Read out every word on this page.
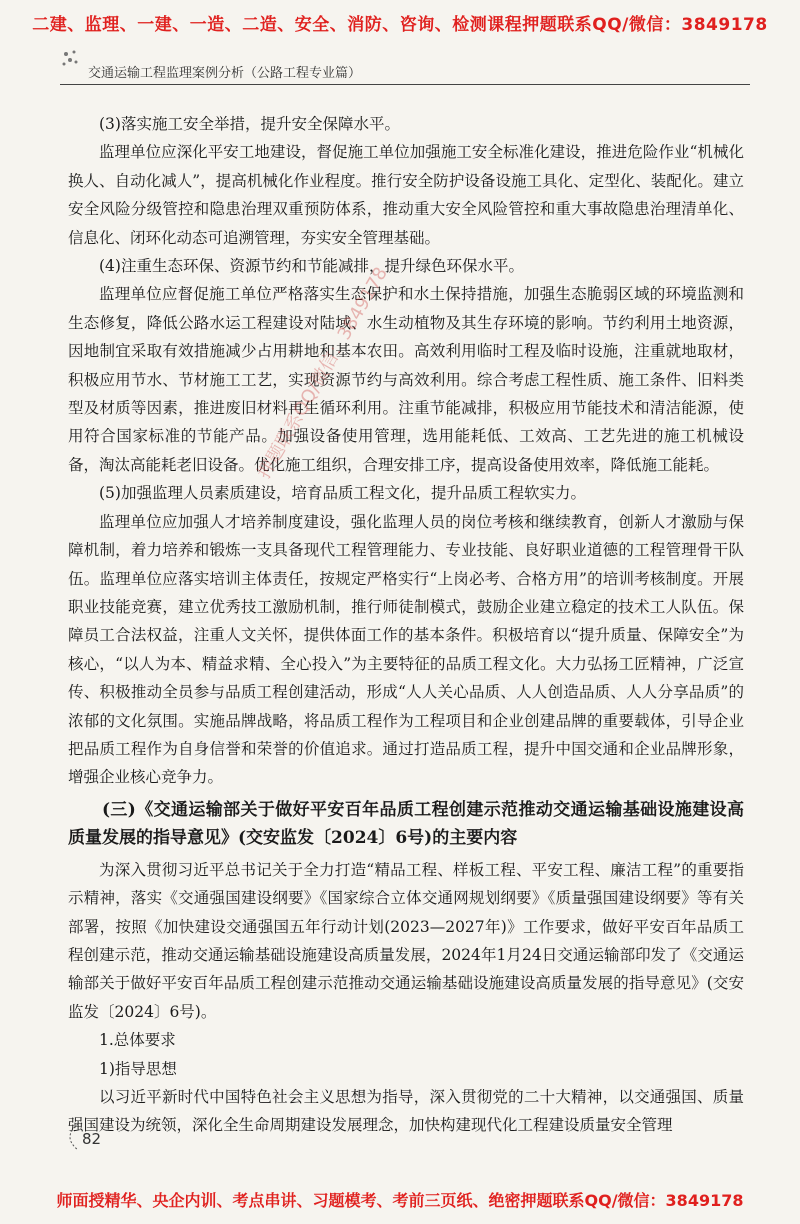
交通运输工程监理案例分析（公路工程专业篇）

(3)落实施工安全举措，提升安全保障水平。

监理单位应深化平安工地建设，督促施工单位加强施工安全标准化建设，推进危险作业“机械化换人、自动化减人”，提高机械化作业程度。推行安全防护设备设施工具化、定型化、装配化。建立安全风险分级管控和隐患治理双重预防体系，推动重大安全风险管控和重大事故隐患治理清单化、信息化、闭环化动态可追溯管理，夯实安全管理基础。

(4)注重生态环保、资源节约和节能减排，提升绿色环保水平。

监理单位应督促施工单位严格落实生态保护和水土保持措施，加强生态脆弱区域的环境监测和生态修复，降低公路水运工程建设对陆域、水生动植物及其生存环境的影响。节约利用土地资源，因地制宜采取有效措施减少占用耕地和基本农田。高效利用临时工程及临时设施，注重就地取材，积极应用节水、节材施工工艺，实现资源节约与高效利用。综合考虑工程性质、施工条件、旧料类型及材质等因素，推进废旧材料再生循环利用。注重节能减排，积极应用节能技术和清洁能源，使用符合国家标准的节能产品。加强设备使用管理，选用能耗低、工效高、工艺先进的施工机械设备，淘汰高能耗老旧设备。优化施工组织，合理安排工序，提高设备使用效率，降低施工能耗。

(5)加强监理人员素质建设，培育品质工程文化，提升品质工程软实力。

监理单位应加强人才培养制度建设，强化监理人员的岗位考核和继续教育，创新人才激励与保障机制，着力培养和锻炼一支具备现代工程管理能力、专业技能、良好职业道德的工程管理骨干队伍。监理单位应落实培训主体责任，按规定严格实行“上岗必考、合格方用”的培训考核制度。开展职业技能竞赛，建立优秀技工激励机制，推行师徒制模式，鼓励企业建立稳定的技术工人队伍。保障员工合法权益，注重人文关怀，提供体面工作的基本条件。积极培育以“提升质量、保障安全”为核心，“以人为本、精益求精、全心投入”为主要特征的品质工程文化。大力弘扬工匠精神，广泛宣传、积极推动全员参与品质工程创建活动，形成“人人关心品质、人人创造品质、人人分享品质”的浓郁的文化氛围。实施品牌战略，将品质工程作为工程项目和企业创建品牌的重要载体，引导企业把品质工程作为自身信誉和荣誉的价值追求。通过打造品质工程，提升中国交通和企业品牌形象，增强企业核心竞争力。

(三)《交通运输部关于做好平安百年品质工程创建示范推动交通运输基础设施建设高质量发展的指导意见》(交安监发〔2024〕6号)的主要内容

为深入贯彻习近平总书记关于全力打造“精品工程、样板工程、平安工程、廉洁工程”的重要指示精神，落实《交通强国建设纲要》《国家综合立体交通网规划纲要》《质量强国建设纲要》等有关部署，按照《加快建设交通强国五年行动计划(2023—2027年)》工作要求，做好平安百年品质工程创建示范，推动交通运输基础设施建设高质量发展，2024年1月24日交通运输部印发了《交通运输部关于做好平安百年品质工程创建示范推动交通运输基础设施建设高质量发展的指导意见》(交安监发〔2024〕6号)。

1.总体要求

1)指导思想

以习近平新时代中国特色社会主义思想为指导，深入贯彻党的二十大精神，以交通强国、质量强国建设为统领，深化全生命周期建设发展理念，加快构建现代化工程建设质量安全管理

押题联系QQ/微信：3849178
82
二建、监理、一建、一造、二造、安全、消防、咨询、检测课程押题联系QQ/微信：3849178
师面授精华、央企内训、考点串讲、习题模考、考前三页纸、绝密押题联系QQ/微信：3849178
